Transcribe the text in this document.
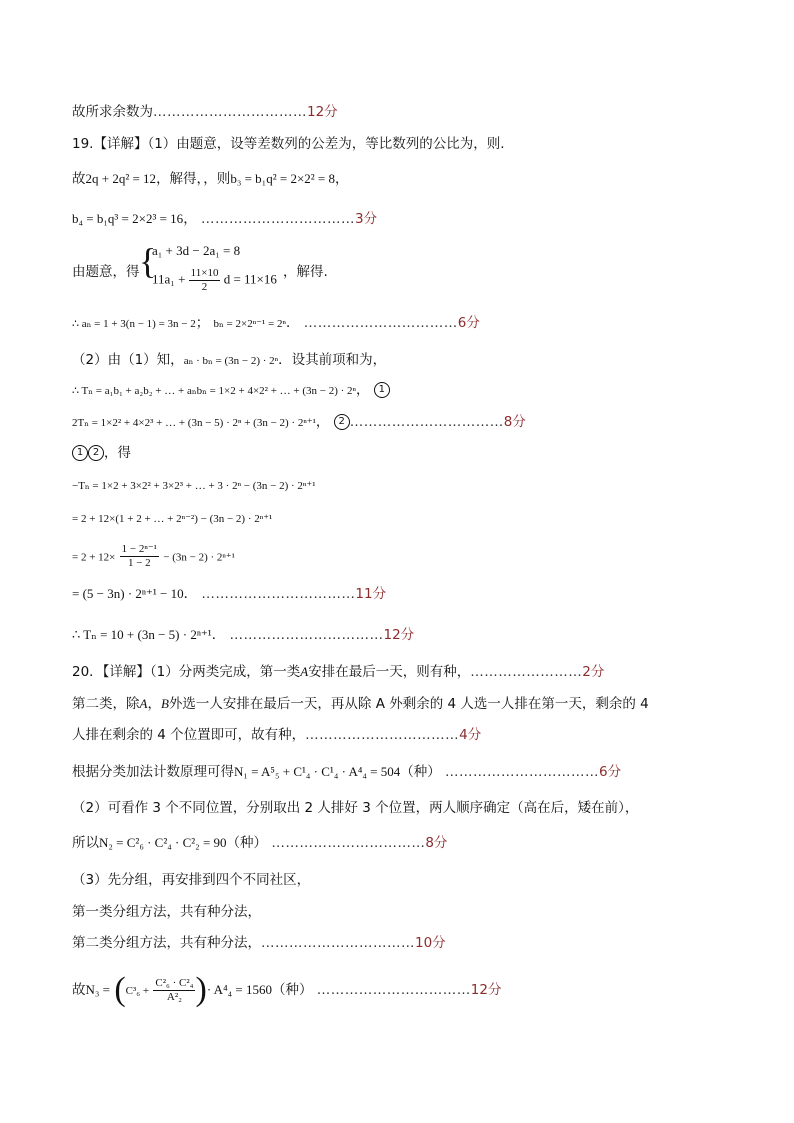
故所求余数为……………………………12分
19.【详解】（1）由题意，设等差数列的公差为，等比数列的公比为，则.
故2q + 2q² = 12，解得，，则b₃ = b₁q² = 2×2² = 8，
b₄ = b₁q³ = 2×2³ = 16， ……………………………3分
由题意，得 {
a₁ + 3d − 2a₁ = 8
$11a_1 + \frac{11\times 10}{2}$ d = 11×16 ，解得.
∴ aₙ = 1 + 3(n − 1) = 3n − 2； bₙ = 2×2ⁿ⁻¹ = 2ⁿ． ……………………………6分
（2）由（1）知，aₙ · bₙ = (3n − 2) · 2ⁿ．设其前项和为，
∴ Tₙ = a₁b₁ + a₂b₂ + … + aₙbₙ = 1×2 + 4×2² + … + (3n − 2) · 2ⁿ， 1
2Tₙ = 1×2² + 4×2³ + … + (3n − 5) · 2ⁿ + (3n − 2) · 2ⁿ⁺¹， 2 ……………………………8分
1 2 ，得
−Tₙ = 1×2 + 3×2² + 3×2³ + … + 3 · 2ⁿ − (3n − 2) · 2ⁿ⁺¹
= 2 + 12×(1 + 2 + … + 2ⁿ⁻²) − (3n − 2) · 2ⁿ⁺¹
= $2 + 12\times \frac{\text{1 − 2ⁿ⁻¹}}{1 - 2} - (3n - 2) \cdot 2^{n+1}$
= (5 − 3n) · 2ⁿ⁺¹ − 10． ……………………………11分
∴ Tₙ = 10 + (3n − 5) · 2ⁿ⁺¹． ……………………………12分
20．【详解】（1）分两类完成，第一类A安排在最后一天，则有种，……………………2分
第二类，除A，B外选一人安排在最后一天，再从除 A 外剩余的 4 人选一人排在第一天，剩余的 4
人排在剩余的 4 个位置即可，故有种，……………………………4分
根据分类加法计数原理可得N₁ = A⁵₅ + C¹₄ · C¹₄ · A⁴₄ = 504（种） ……………………………6分
（2）可看作 3 个不同位置，分别取出 2 人排好 3 个位置，两人顺序确定（高在后，矮在前），
所以N₂ = C²₆ · C²₄ · C²₂ = 90（种） ……………………………8分
（3）先分组，再安排到四个不同社区，
第一类分组方法，共有种分法，
第二类分组方法，共有种分法，……………………………10分
故$N_3 = (C^3_6 + \frac{\text{C²₆ · C²₄}}{\text{A²₂}}$ )· A⁴₄ = 1560（种） ……………………………12分
